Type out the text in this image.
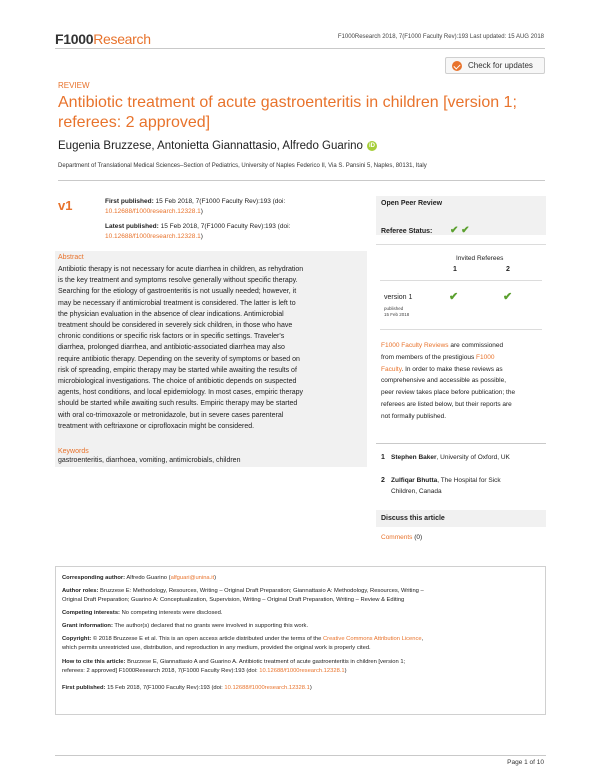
F1000Research	F1000Research 2018, 7(F1000 Faculty Rev):193 Last updated: 15 AUG 2018
Check for updates
REVIEW
Antibiotic treatment of acute gastroenteritis in children [version 1; referees: 2 approved]
Eugenia Bruzzese, Antonietta Giannattasio, Alfredo Guarino	iD
Department of Translational Medical Sciences–Section of Pediatrics, University of Naples Federico II, Via S. Pansini 5, Naples, 80131, Italy
v1	First published: 15 Feb 2018, 7(F1000 Faculty Rev):193 (doi:
10.12688/f1000research.12328.1)
Latest published: 15 Feb 2018, 7(F1000 Faculty Rev):193 (doi:
10.12688/f1000research.12328.1)
Abstract
Antibiotic therapy is not necessary for acute diarrhea in children, as rehydration
is the key treatment and symptoms resolve generally without specific therapy.
Searching for the etiology of gastroenteritis is not usually needed; however, it
may be necessary if antimicrobial treatment is considered. The latter is left to
the physician evaluation in the absence of clear indications. Antimicrobial
treatment should be considered in severely sick children, in those who have
chronic conditions or specific risk factors or in specific settings. Traveler's
diarrhea, prolonged diarrhea, and antibiotic-associated diarrhea may also
require antibiotic therapy. Depending on the severity of symptoms or based on
risk of spreading, empiric therapy may be started while awaiting the results of
microbiological investigations. The choice of antibiotic depends on suspected
agents, host conditions, and local epidemiology. In most cases, empiric therapy
should be started while awaiting such results. Empiric therapy may be started
with oral co-trimoxazole or metronidazole, but in severe cases parenteral
treatment with ceftriaxone or ciprofloxacin might be considered.
Keywords
gastroenteritis, diarrhoea, vomiting, antimicrobials, children
Open Peer Review
Referee Status: ✔ ✔
Invited Referees
1	2
version 1
published
15 Feb 2018
✔	✔
F1000 Faculty Reviews are commissioned
from members of the prestigious F1000
Faculty. In order to make these reviews as
comprehensive and accessible as possible,
peer review takes place before publication; the
referees are listed below, but their reports are
not formally published.
1 Stephen Baker, University of Oxford, UK
2 Zulfiqar Bhutta, The Hospital for Sick
Children, Canada
Discuss this article
Comments (0)
Corresponding author: Alfredo Guarino (alfguari@unina.it)
Author roles: Bruzzese E: Methodology, Resources, Writing – Original Draft Preparation; Giannattasio A: Methodology, Resources, Writing –
Original Draft Preparation; Guarino A: Conceptualization, Supervision, Writing – Original Draft Preparation, Writing – Review & Editing
Competing interests: No competing interests were disclosed.
Grant information: The author(s) declared that no grants were involved in supporting this work.
Copyright: © 2018 Bruzzese E et al. This is an open access article distributed under the terms of the Creative Commons Attribution Licence,
which permits unrestricted use, distribution, and reproduction in any medium, provided the original work is properly cited.
How to cite this article: Bruzzese E, Giannattasio A and Guarino A. Antibiotic treatment of acute gastroenteritis in children [version 1;
referees: 2 approved] F1000Research 2018, 7(F1000 Faculty Rev):193 (doi: 10.12688/f1000research.12328.1)
First published: 15 Feb 2018, 7(F1000 Faculty Rev):193 (doi: 10.12688/f1000research.12328.1)
Page 1 of 10
